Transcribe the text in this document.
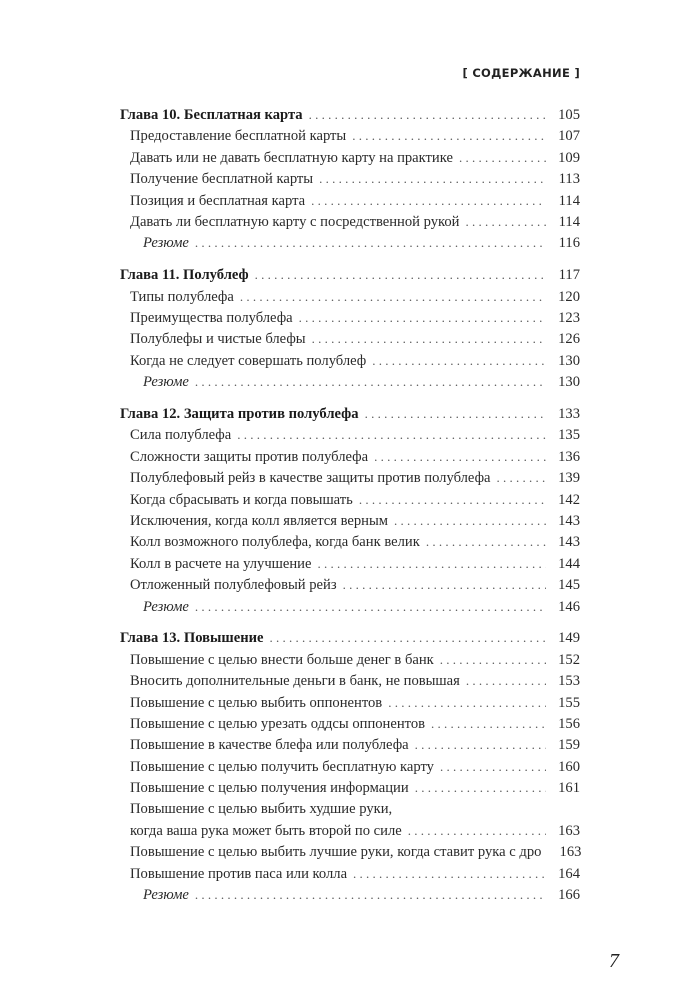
[ СОДЕРЖАНИЕ ]
Глава 10. Бесплатная карта . . .	105
Предоставление бесплатной карты . . .	107
Давать или не давать бесплатную карту на практике . . .	109
Получение бесплатной карты . . .	113
Позиция и бесплатная карта . . .	114
Давать ли бесплатную карту с посредственной рукой . . .	114
Резюме . . .	116
Глава 11. Полублеф . . .	117
Типы полублефа . . .	120
Преимущества полублефа . . .	123
Полублефы и чистые блефы . . .	126
Когда не следует совершать полублеф . . .	130
Резюме . . .	130
Глава 12. Защита против полублефа . . .	133
Сила полублефа . . .	135
Сложности защиты против полублефа . . .	136
Полублефовый рейз в качестве защиты против полублефа . . .	139
Когда сбрасывать и когда повышать . . .	142
Исключения, когда колл является верным . . .	143
Колл возможного полублефа, когда банк велик . . .	143
Колл в расчете на улучшение . . .	144
Отложенный полублефовый рейз . . .	145
Резюме . . .	146
Глава 13. Повышение . . .	149
Повышение с целью внести больше денег в банк . . .	152
Вносить дополнительные деньги в банк, не повышая . . .	153
Повышение с целью выбить оппонентов . . .	155
Повышение с целью урезать оддсы оппонентов . . .	156
Повышение в качестве блефа или полублефа . . .	159
Повышение с целью получить бесплатную карту . . .	160
Повышение с целью получения информации . . .	161
Повышение с целью выбить худшие руки,
когда ваша рука может быть второй по силе . . .	163
Повышение с целью выбить лучшие руки, когда ставит рука с дро	163
Повышение против паса или колла . . .	164
Резюме . . .	166
7
